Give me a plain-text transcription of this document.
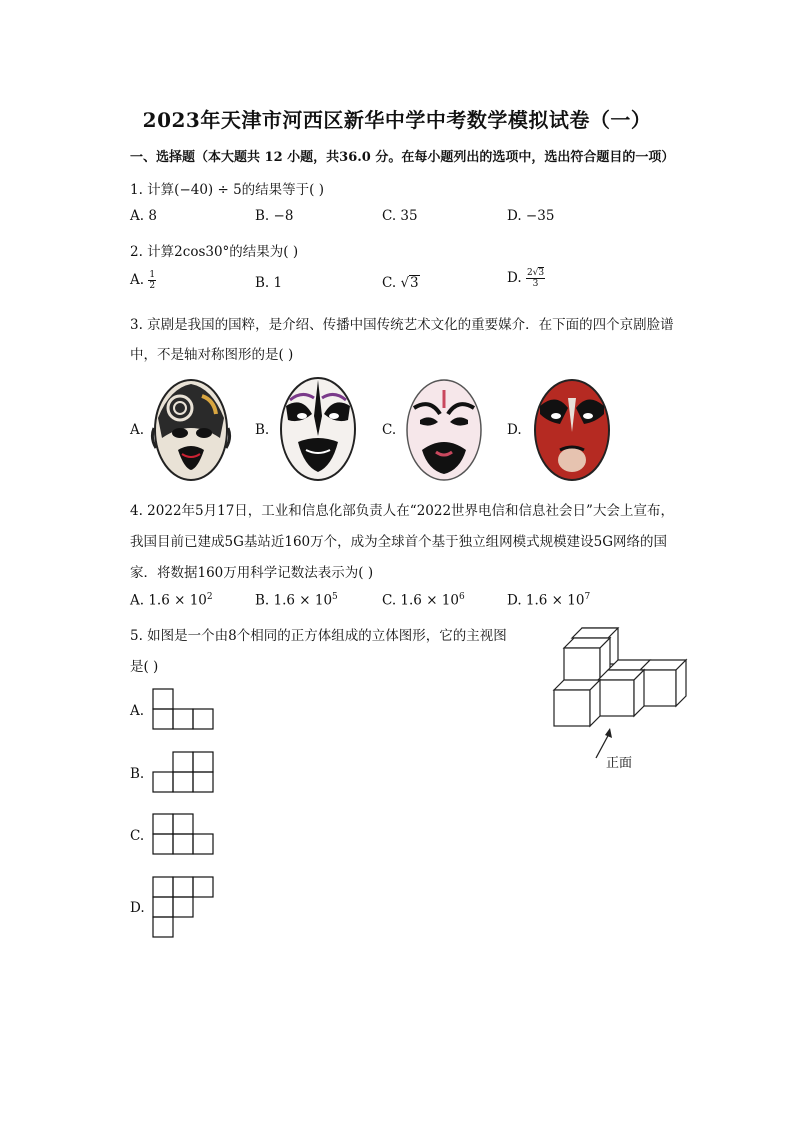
2023年天津市河西区新华中学中考数学模拟试卷（一）
一、选择题（本大题共 12 小题，共36.0 分。在每小题列出的选项中，选出符合题目的一项）
1. 计算(−40) ÷ 5的结果等于( )
A. 8	B. −8	C. 35	D. −35
2. 计算2cos30°的结果为( )
A. $\frac{1}{2}$	B. 1	C. √ 3	D. $\frac{2√3}{3}$
3. 京剧是我国的国粹，是介绍、传播中国传统艺术文化的重要媒介．在下面的四个京剧脸谱
中，不是轴对称图形的是( )
A.	B.	C.	D.
4. 2022年5月17日，工业和信息化部负责人在“2022世界电信和信息社会日”大会上宣布，
我国目前已建成5G基站近160万个，成为全球首个基于独立组网模式规模建设5G网络的国
家．将数据160万用科学记数法表示为( )
A. $1.6 \times 10^2$	B. $1.6 \times 10^5$	C. $1.6 \times 10^6$	D. $1.6 \times 10^7$
5. 如图是一个由8个相同的正方体组成的立体图形，它的主视图
是( )
正面
A.
B.
C.
D.
